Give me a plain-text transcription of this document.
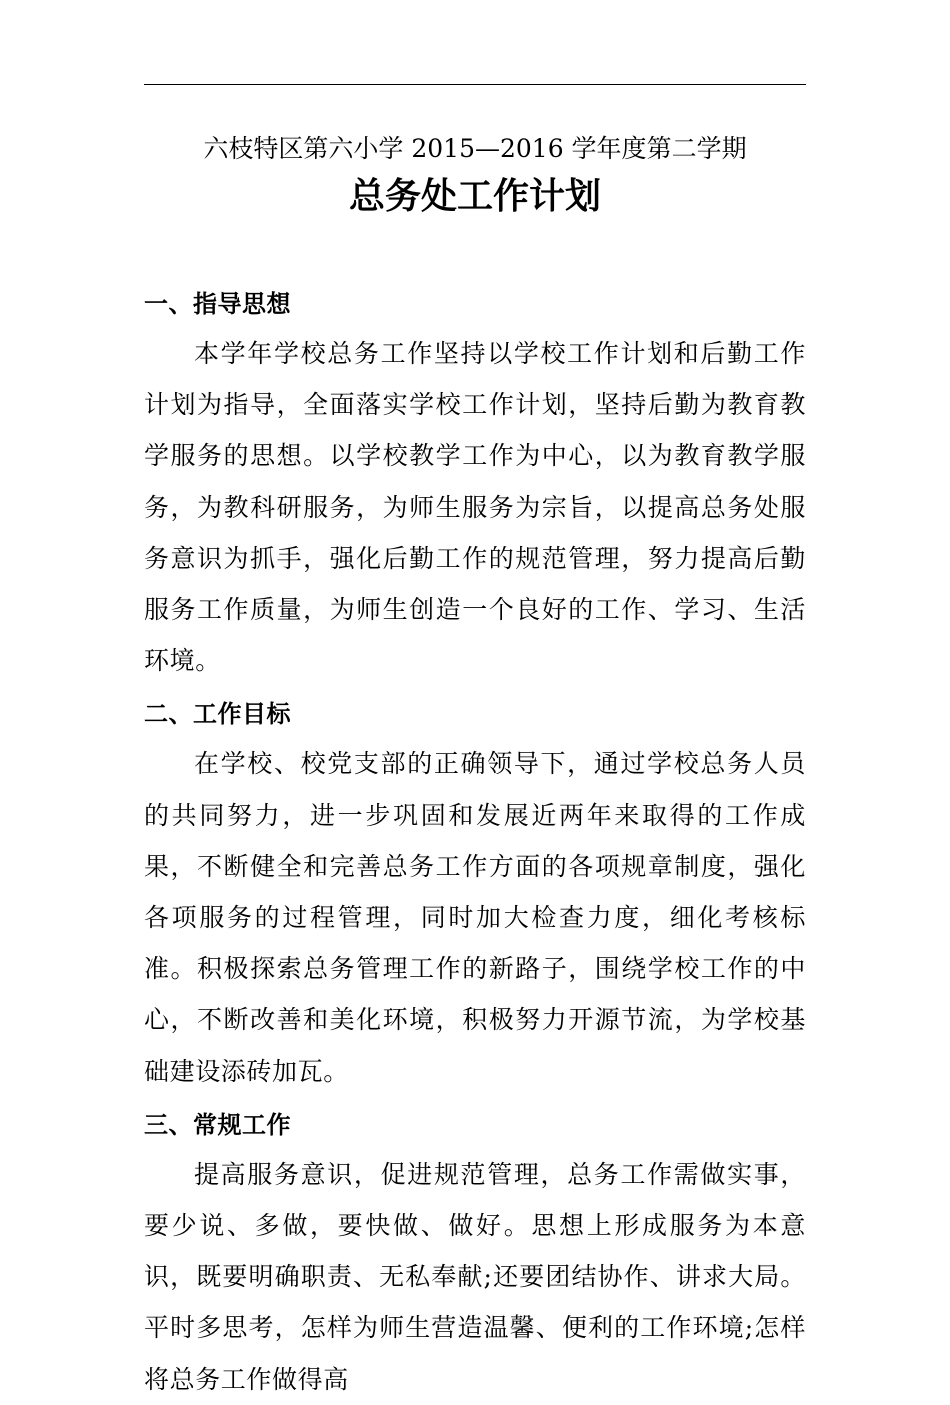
六枝特区第六小学 2015—2016 学年度第二学期
总务处工作计划
一、指导思想

本学年学校总务工作坚持以学校工作计划和后勤工作计划为指导，全面落实学校工作计划，坚持后勤为教育教学服务的思想。以学校教学工作为中心，以为教育教学服务，为教科研服务，为师生服务为宗旨，以提高总务处服务意识为抓手，强化后勤工作的规范管理，努力提高后勤服务工作质量，为师生创造一个良好的工作、学习、生活环境。

二、工作目标

在学校、校党支部的正确领导下，通过学校总务人员的共同努力，进一步巩固和发展近两年来取得的工作成果，不断健全和完善总务工作方面的各项规章制度，强化各项服务的过程管理，同时加大检查力度，细化考核标准。积极探索总务管理工作的新路子，围绕学校工作的中心，不断改善和美化环境，积极努力开源节流，为学校基础建设添砖加瓦。

三、常规工作

提高服务意识，促进规范管理，总务工作需做实事，要少说、多做，要快做、做好。思想上形成服务为本意识，既要明确职责、无私奉献;还要团结协作、讲求大局。平时多思考，怎样为师生营造温馨、便利的工作环境;怎样将总务工作做得高
